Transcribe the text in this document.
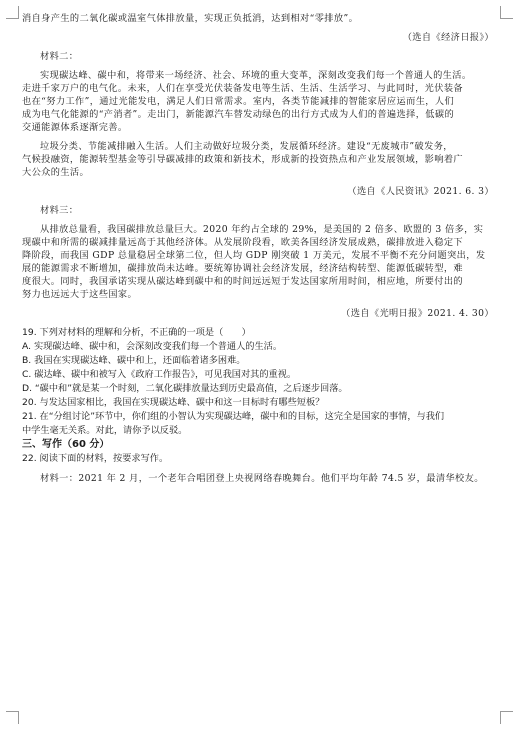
消自身产生的二氧化碳或温室气体排放量，实现正负抵消，达到相对“零排放”。
（选自《经济日报》）
材料二：
实现碳达峰、碳中和，将带来一场经济、社会、环境的重大变革，深刻改变我们每一个普通人的生活。
走进千家万户的电气化。未来，人们在享受光伏装备发电等生活、生活、生活学习、与此同时，光伏装备
也在“努力工作”，通过光能发电，满足人们日常需求。室内，各类节能减排的智能家居应运而生，人们
成为电气化能源的“产消者”。走出门，新能源汽车替发动绿色的出行方式成为人们的普遍选择，低碳的
交通能源体系逐渐完善。
垃圾分类、节能减排融入生活。人们主动做好垃圾分类，发展循环经济。建设“无废城市”破发务，
气候投融资，能源转型基金等引导碳减排的政策和新技术，形成新的投资热点和产业发展领域，影响着广
大公众的生活。
（选自《人民资讯》2021. 6. 3）
材料三：
从排放总量看，我国碳排放总量巨大。2020 年约占全球的 29%，是美国的 2 倍多、欧盟的 3 倍多，实
现碳中和所需的碳减排量远高于其他经济体。从发展阶段看，欧美各国经济发展成熟，碳排放进入稳定下
降阶段，而我国 GDP 总量稳居全球第二位，但人均 GDP 刚突破 1 万美元，发展不平衡不充分问题突出，发
展的能源需求不断增加，碳排放尚未达峰。要统筹协调社会经济发展，经济结构转型、能源低碳转型，难
度很大。同时，我国承诺实现从碳达峰到碳中和的时间远远短于发达国家所用时间，相应地，所要付出的
努力也远远大于这些国家。
（选自《光明日报》2021. 4. 30）
19. 下列对材料的理解和分析，不正确的一项是（　　）
A. 实现碳达峰、碳中和，会深刻改变我们每一个普通人的生活。
B. 我国在实现碳达峰、碳中和上，还面临着诸多困难。
C. 碳达峰、碳中和被写入《政府工作报告》，可见我国对其的重视。
D. “碳中和”就是某一个时刻，二氧化碳排放量达到历史最高值，之后逐步回落。
20. 与发达国家相比，我国在实现碳达峰、碳中和这一目标时有哪些短板？
21. 在“分组讨论”环节中，你们组的小智认为实现碳达峰，碳中和的目标，这完全是国家的事情，与我们
中学生毫无关系。对此，请你予以反驳。
三、写作（60 分）
22. 阅读下面的材料，按要求写作。
材料一：2021 年 2 月，一个老年合唱团登上央视网络春晚舞台。他们平均年龄 74.5 岁，最清华校友。
